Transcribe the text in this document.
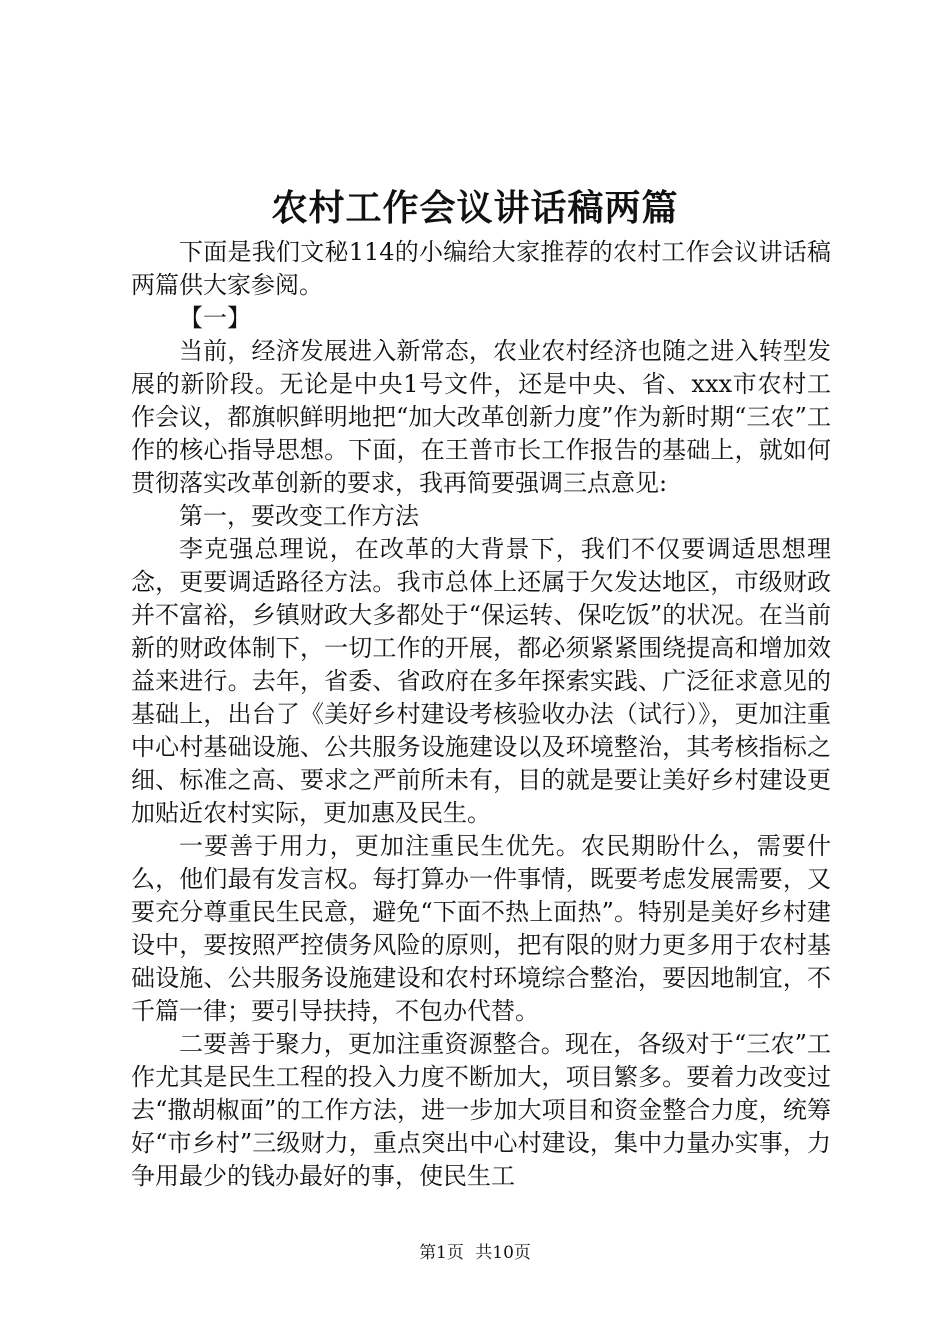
农村工作会议讲话稿两篇

下面是我们文秘114的小编给大家推荐的农村工作会议讲话稿两篇供大家参阅。

【一】

当前，经济发展进入新常态，农业农村经济也随之进入转型发展的新阶段。无论是中央1号文件，还是中央、省、xxx市农村工作会议，都旗帜鲜明地把“加大改革创新力度”作为新时期“三农”工作的核心指导思想。下面，在王普市长工作报告的基础上，就如何贯彻落实改革创新的要求，我再简要强调三点意见:

第一，要改变工作方法

李克强总理说，在改革的大背景下，我们不仅要调适思想理念，更要调适路径方法。我市总体上还属于欠发达地区，市级财政并不富裕，乡镇财政大多都处于“保运转、保吃饭”的状况。在当前新的财政体制下，一切工作的开展，都必须紧紧围绕提高和增加效益来进行。去年，省委、省政府在多年探索实践、广泛征求意见的基础上，出台了《美好乡村建设考核验收办法（试行）》，更加注重中心村基础设施、公共服务设施建设以及环境整治，其考核指标之细、标准之高、要求之严前所未有，目的就是要让美好乡村建设更加贴近农村实际，更加惠及民生。

一要善于用力，更加注重民生优先。农民期盼什么，需要什么，他们最有发言权。每打算办一件事情，既要考虑发展需要，又要充分尊重民生民意，避免“下面不热上面热”。特别是美好乡村建设中，要按照严控债务风险的原则，把有限的财力更多用于农村基础设施、公共服务设施建设和农村环境综合整治，要因地制宜，不千篇一律；要引导扶持，不包办代替。

二要善于聚力，更加注重资源整合。现在，各级对于“三农”工作尤其是民生工程的投入力度不断加大，项目繁多。要着力改变过去“撒胡椒面”的工作方法，进一步加大项目和资金整合力度，统筹好“市乡村”三级财力，重点突出中心村建设，集中力量办实事，力争用最少的钱办最好的事，使民生工

第1页 共10页
